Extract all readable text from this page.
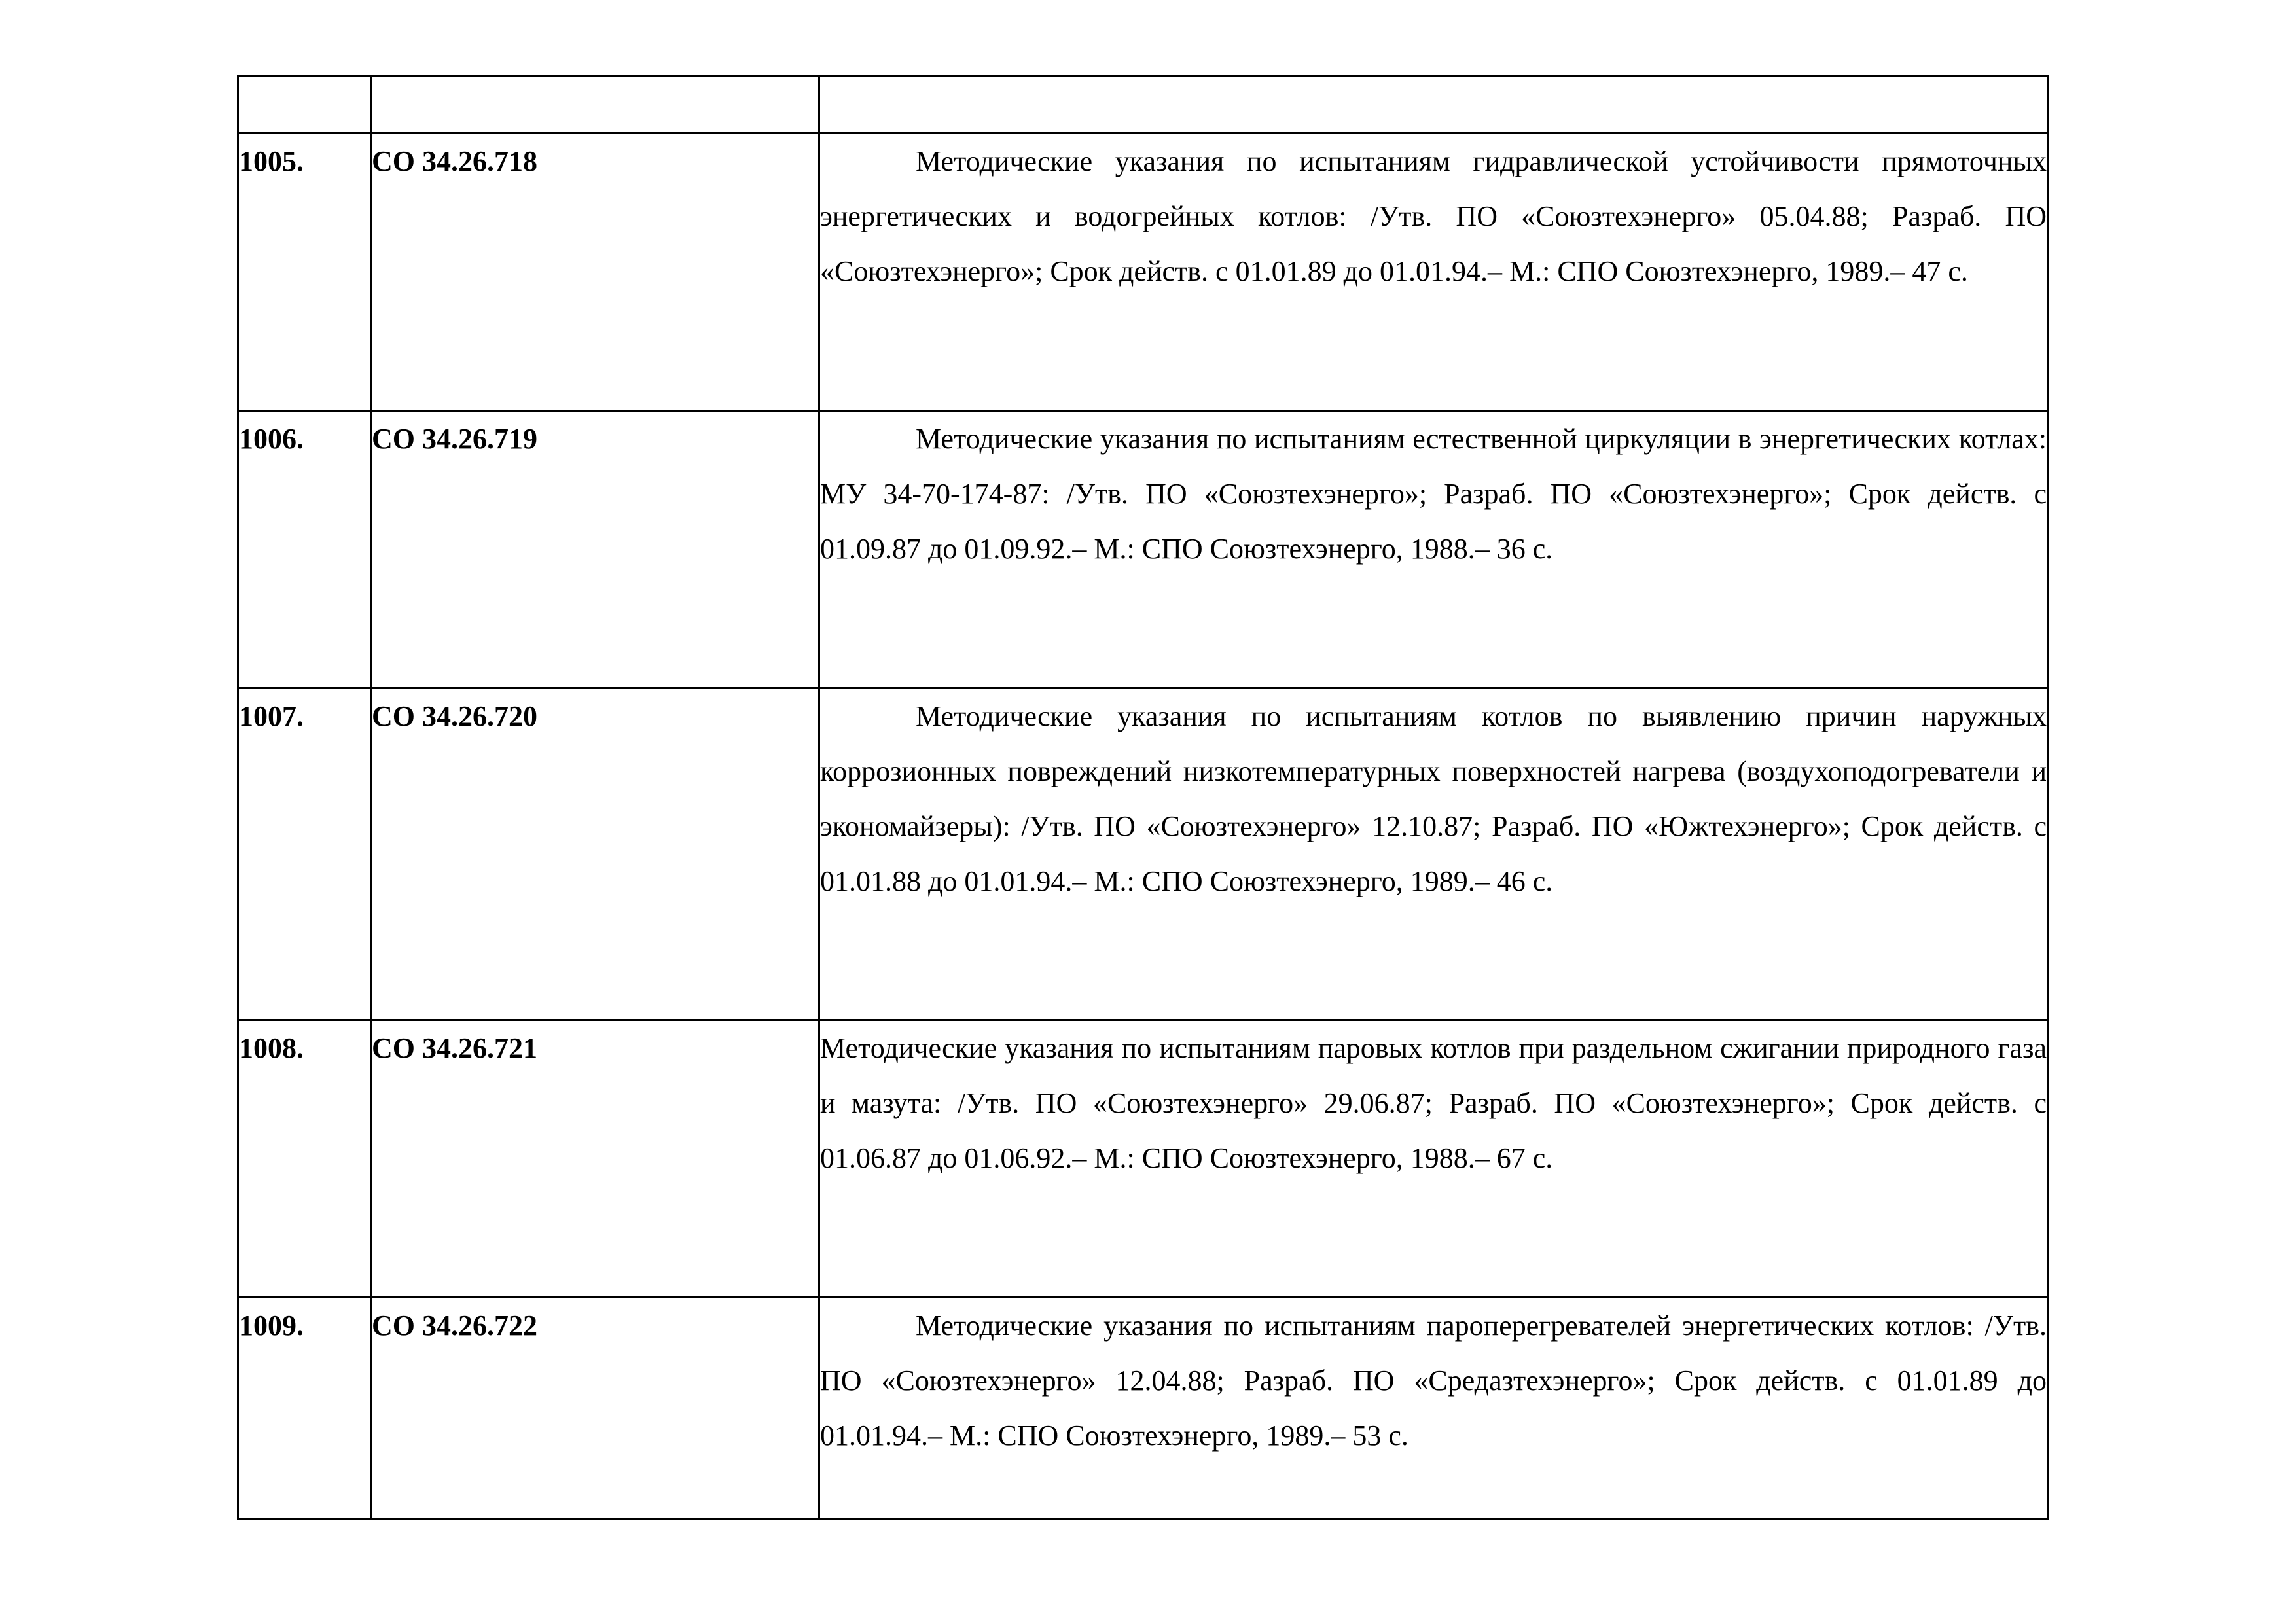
1005.	СО 34.26.718	Методические указания по испытаниям гидравлической устойчивости прямоточных энергетических и водогрейных котлов: /Утв. ПО «Союзтехэнерго» 05.04.88; Разраб. ПО «Союзтехэнерго»; Срок действ. с 01.01.89 до 01.01.94.– М.: СПО Союзтехэнерго, 1989.– 47 с.

1006.	СО 34.26.719	Методические указания по испытаниям естественной циркуляции в энергетических котлах: МУ 34-70-174-87: /Утв. ПО «Союзтехэнерго»; Разраб. ПО «Союзтехэнерго»; Срок действ. с 01.09.87 до 01.09.92.– М.: СПО Союзтехэнерго, 1988.– 36 с.

1007.	СО 34.26.720	Методические указания по испытаниям котлов по выявлению причин наружных коррозионных повреждений низкотемпературных поверхностей нагрева (воздухоподогреватели и экономайзеры): /Утв. ПО «Союзтехэнерго» 12.10.87; Разраб. ПО «Южтехэнерго»; Срок действ. с 01.01.88 до 01.01.94.– М.: СПО Союзтехэнерго, 1989.– 46 с.

1008.	СО 34.26.721	Методические указания по испытаниям паровых котлов при раздельном сжигании природного газа и мазута: /Утв. ПО «Союзтехэнерго» 29.06.87; Разраб. ПО «Союзтехэнерго»; Срок действ. с 01.06.87 до 01.06.92.– М.: СПО Союзтехэнерго, 1988.– 67 с.

1009.	СО 34.26.722	Методические указания по испытаниям пароперегревателей энергетических котлов: /Утв. ПО «Союзтехэнерго» 12.04.88; Разраб. ПО «Средазтехэнерго»; Срок действ. с 01.01.89 до 01.01.94.– М.: СПО Союзтехэнерго, 1989.– 53 с.
